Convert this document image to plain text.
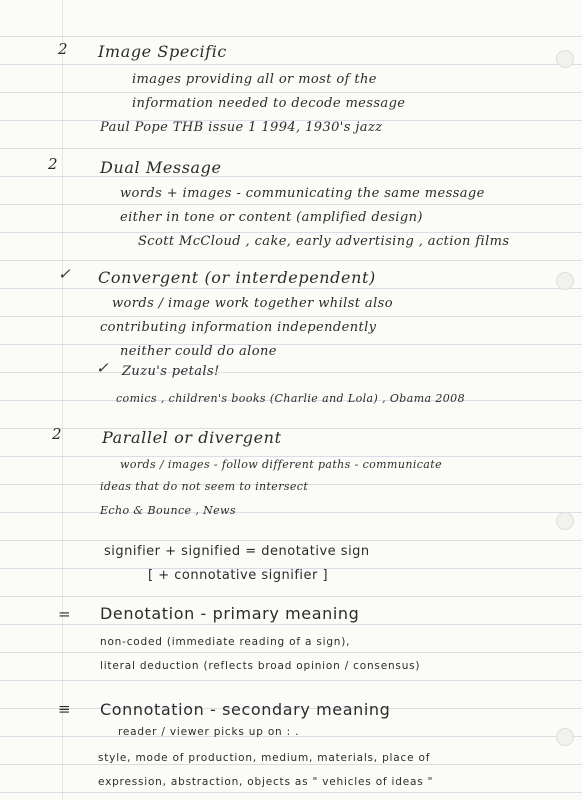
2 Image Specific
images providing all or most of the
information needed to decode message
Paul Pope THB issue 1 1994, 1930's jazz
2	Dual Message
words + images - communicating the same message
either in tone or content (amplified design)
Scott McCloud , cake, early advertising , action films
✓ Convergent (or interdependent)
words / image work together whilst also
contributing information independently
neither could do alone
✓ Zuzu's petals!
comics , children's books (Charlie and Lola) , Obama 2008
2	Parallel or divergent
words / images - follow different paths - communicate
ideas that do not seem to intersect
Echo & Bounce , News
signifier + signified = denotative sign
[ + connotative signifier ]
= Denotation - primary meaning
non-coded (immediate reading of a sign),
literal deduction (reflects broad opinion / consensus)
≡ Connotation - secondary meaning
reader / viewer picks up on : .
style, mode of production, medium, materials, place of
expression, abstraction, objects as " vehicles of ideas "
